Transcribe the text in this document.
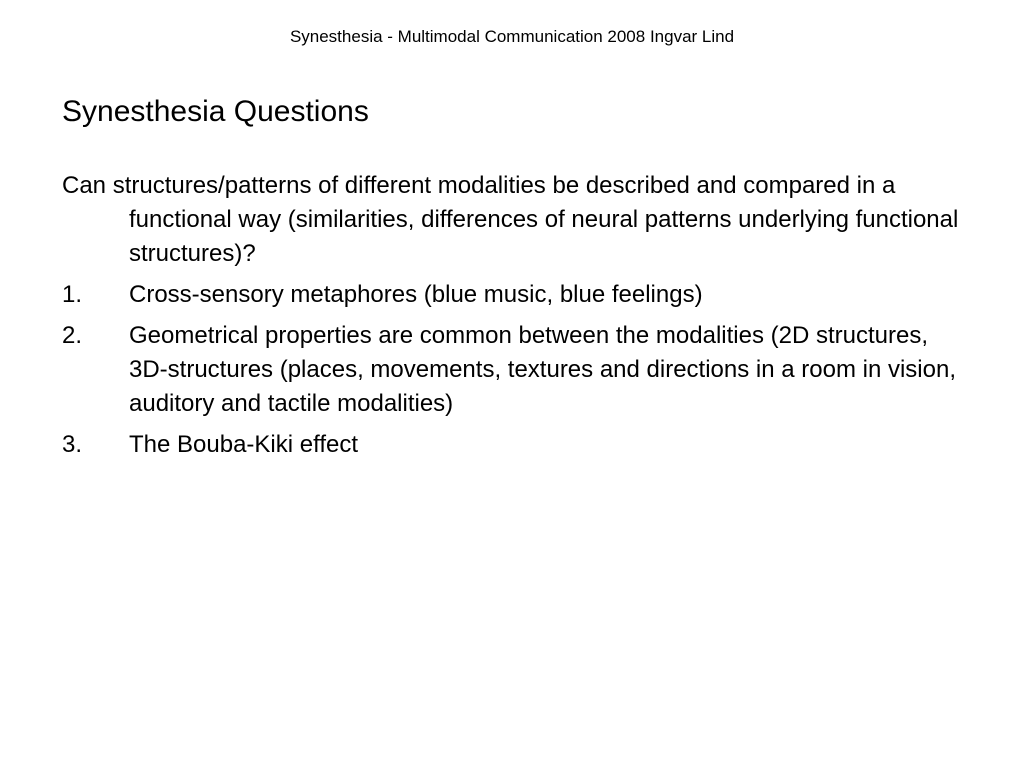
Synesthesia - Multimodal Communication 2008 Ingvar Lind
Synesthesia Questions

Can structures/patterns of different modalities be described and compared in a functional way (similarities, differences of neural patterns underlying functional structures)?

1. Cross-sensory metaphores (blue music, blue feelings)
2. Geometrical properties are common between the modalities (2D structures, 3D-structures (places, movements, textures and directions in a room in vision, auditory and tactile modalities)
3. The Bouba-Kiki effect
